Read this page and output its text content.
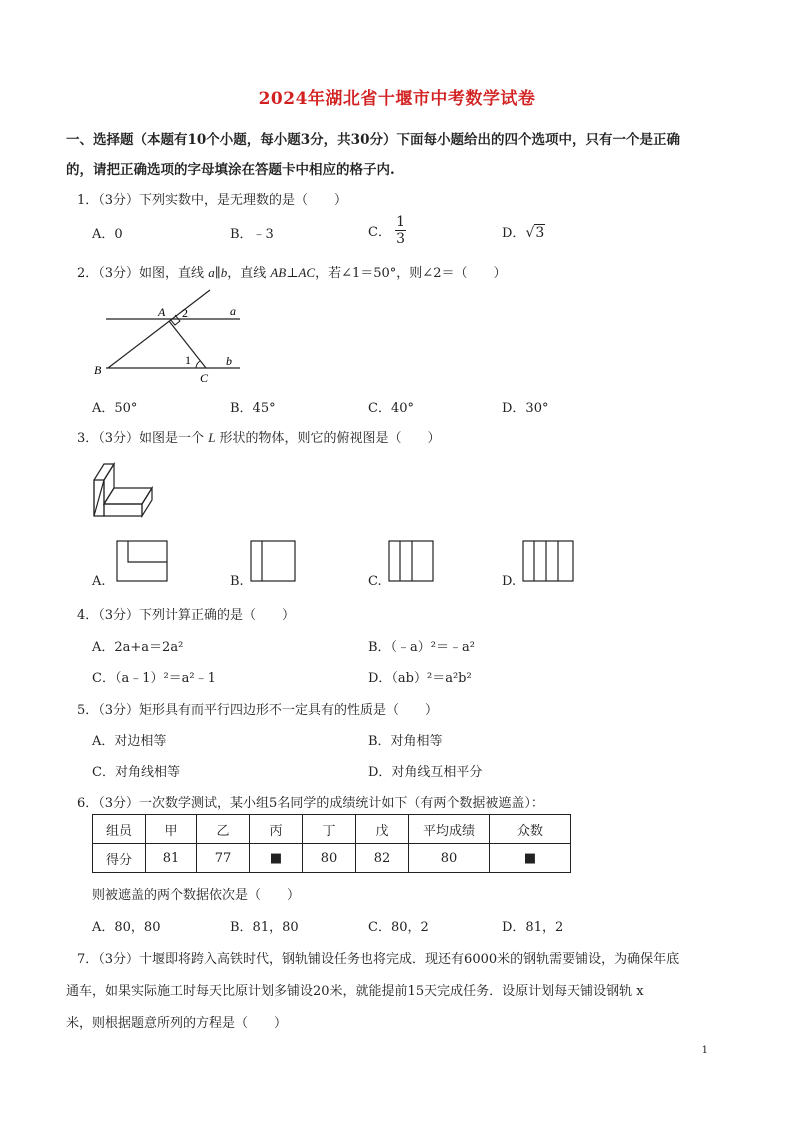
2024年湖北省十堰市中考数学试卷
一、选择题（本题有10个小题，每小题3分，共30分）下面每小题给出的四个选项中，只有一个是正确
的，请把正确选项的字母填涂在答题卡中相应的格子内.
1．（3分）下列实数中，是无理数的是（　　）
A．0	B．﹣3	C． $\frac{1}{3}$	D．√3
2．（3分）如图，直线 a∥b，直线 AB⊥AC，若∠1＝50°，则∠2＝（　　）
A 2	a
1	b
B
C
A．50°	B．45°	C．40°	D．30°
3．（3分）如图是一个 L 形状的物体，则它的俯视图是（　　）
A.	B.	C.	D.
4．（3分）下列计算正确的是（　　）
A．2a+a＝2a²	B．（﹣a）²＝﹣a²
C．（a﹣1）²＝a²﹣1	D．（ab）²＝a²b²
5．（3分）矩形具有而平行四边形不一定具有的性质是（　　）
A．对边相等	B．对角相等
C．对角线相等	D．对角线互相平分
6．（3分）一次数学测试，某小组5名同学的成绩统计如下（有两个数据被遮盖）：
组员	甲	乙	丙	丁	戊	平均成绩	众数
得分	81	77	■	80	82	80	■
则被遮盖的两个数据依次是（　　）
A．80，80	B．81，80	C．80，2	D．81，2
7．（3分）十堰即将跨入高铁时代，钢轨铺设任务也将完成．现还有6000米的钢轨需要铺设，为确保年底
通车，如果实际施工时每天比原计划多铺设20米，就能提前15天完成任务．设原计划每天铺设钢轨 x
米，则根据题意所列的方程是（　　）
1
